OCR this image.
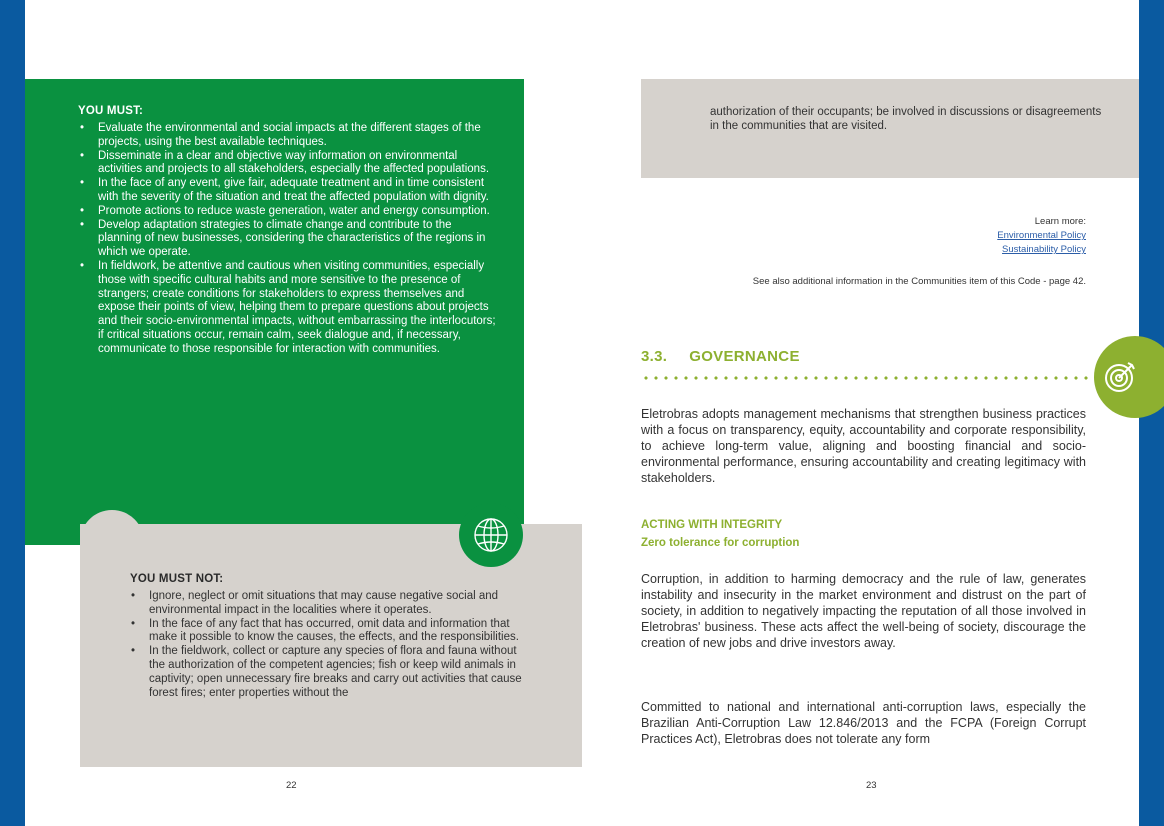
YOU MUST:
• Evaluate the environmental and social impacts at the different stages of the projects, using the best available techniques.
• Disseminate in a clear and objective way information on environmental activities and projects to all stakeholders, especially the affected populations.
• In the face of any event, give fair, adequate treatment and in time consistent with the severity of the situation and treat the affected population with dignity.
• Promote actions to reduce waste generation, water and energy consumption.
• Develop adaptation strategies to climate change and contribute to the planning of new businesses, considering the characteristics of the regions in which we operate.
• In fieldwork, be attentive and cautious when visiting communities, especially those with specific cultural habits and more sensitive to the presence of strangers; create conditions for stakeholders to express themselves and expose their points of view, helping them to prepare questions about projects and their socio-environmental impacts, without embarrassing the interlocutors; if critical situations occur, remain calm, seek dialogue and, if necessary, communicate to those responsible for interaction with communities.
YOU MUST NOT:
• Ignore, neglect or omit situations that may cause negative social and environmental impact in the localities where it operates.
• In the face of any fact that has occurred, omit data and information that make it possible to know the causes, the effects, and the responsibilities.
• In the fieldwork, collect or capture any species of flora and fauna without the authorization of the competent agencies; fish or keep wild animals in captivity; open unnecessary fire breaks and carry out activities that cause forest fires; enter properties without the
22
authorization of their occupants; be involved in discussions or disagreements in the communities that are visited.
Learn more:
Environmental Policy
Sustainability Policy
See also additional information in the Communities item of this Code - page 42.
3.3. GOVERNANCE
Eletrobras adopts management mechanisms that strengthen business practices with a focus on transparency, equity, accountability and corporate responsibility, to achieve long-term value, aligning and boosting financial and socio-environmental performance, ensuring accountability and creating legitimacy with stakeholders.
ACTING WITH INTEGRITY
Zero tolerance for corruption
Corruption, in addition to harming democracy and the rule of law, generates instability and insecurity in the market environment and distrust on the part of society, in addition to negatively impacting the reputation of all those involved in Eletrobras' business. These acts affect the well-being of society, discourage the creation of new jobs and drive investors away.
Committed to national and international anti-corruption laws, especially the Brazilian Anti-Corruption Law 12.846/2013 and the FCPA (Foreign Corrupt Practices Act), Eletrobras does not tolerate any form
23
